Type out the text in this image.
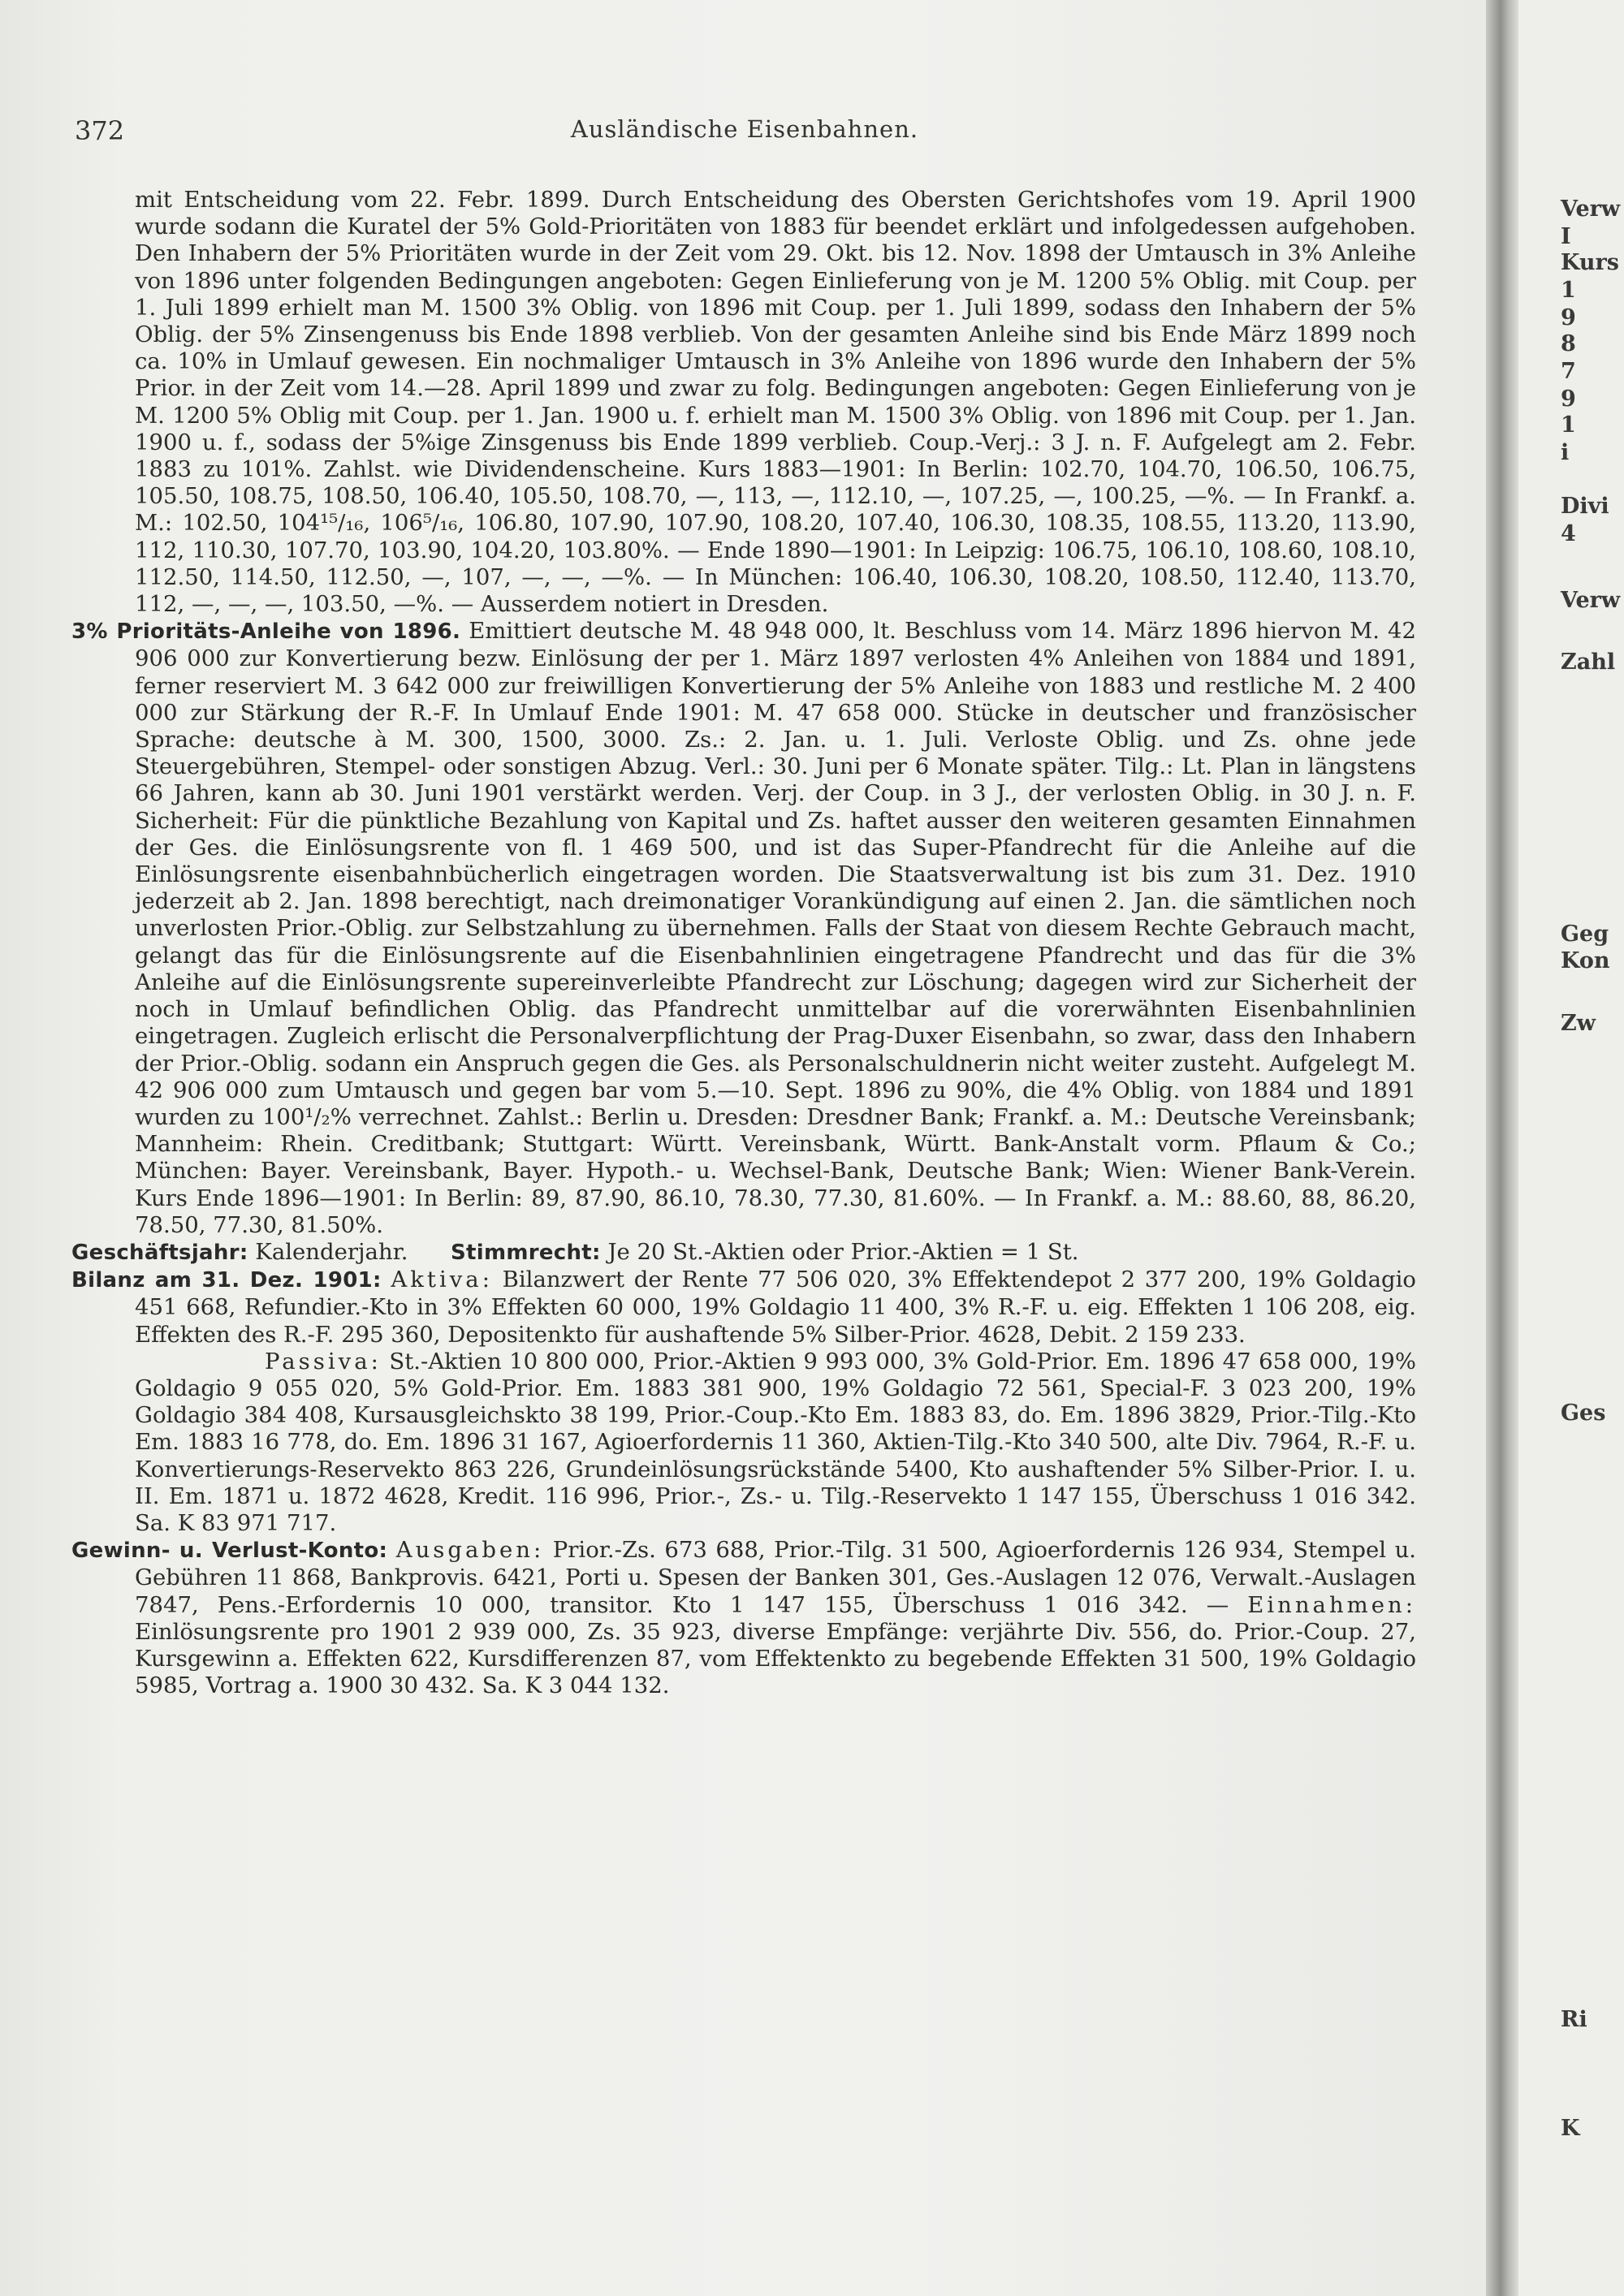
372	Ausländische Eisenbahnen.

mit Entscheidung vom 22. Febr. 1899. Durch Entscheidung des Obersten Gerichtshofes vom 19. April 1900 wurde sodann die Kuratel der 5% Gold-Prioritäten von 1883 für beendet erklärt und infolgedessen aufgehoben. Den Inhabern der 5% Prioritäten wurde in der Zeit vom 29. Okt. bis 12. Nov. 1898 der Umtausch in 3% Anleihe von 1896 unter folgenden Bedingungen angeboten: Gegen Einlieferung von je M. 1200 5% Oblig. mit Coup. per 1. Juli 1899 erhielt man M. 1500 3% Oblig. von 1896 mit Coup. per 1. Juli 1899, sodass den Inhabern der 5% Oblig. der 5% Zinsengenuss bis Ende 1898 verblieb. Von der gesamten Anleihe sind bis Ende März 1899 noch ca. 10% in Umlauf gewesen. Ein nochmaliger Umtausch in 3% Anleihe von 1896 wurde den Inhabern der 5% Prior. in der Zeit vom 14.—28. April 1899 und zwar zu folg. Bedingungen angeboten: Gegen Einlieferung von je M. 1200 5% Oblig mit Coup. per 1. Jan. 1900 u. f. erhielt man M. 1500 3% Oblig. von 1896 mit Coup. per 1. Jan. 1900 u. f., sodass der 5%ige Zinsgenuss bis Ende 1899 verblieb. Coup.-Verj.: 3 J. n. F. Aufgelegt am 2. Febr. 1883 zu 101%. Zahlst. wie Dividendenscheine. Kurs 1883—1901: In Berlin: 102.70, 104.70, 106.50, 106.75, 105.50, 108.75, 108.50, 106.40, 105.50, 108.70, —, 113, —, 112.10, —, 107.25, —, 100.25, —%. — In Frankf. a. M.: 102.50, 104¹⁵/₁₆, 106⁵/₁₆, 106.80, 107.90, 107.90, 108.20, 107.40, 106.30, 108.35, 108.55, 113.20, 113.90, 112, 110.30, 107.70, 103.90, 104.20, 103.80%. — Ende 1890—1901: In Leipzig: 106.75, 106.10, 108.60, 108.10, 112.50, 114.50, 112.50, —, 107, —, —, —%. — In München: 106.40, 106.30, 108.20, 108.50, 112.40, 113.70, 112, —, —, —, 103.50, —%. — Ausserdem notiert in Dresden.

3% Prioritäts-Anleihe von 1896. Emittiert deutsche M. 48 948 000, lt. Beschluss vom 14. März 1896 hiervon M. 42 906 000 zur Konvertierung bezw. Einlösung der per 1. März 1897 verlosten 4% Anleihen von 1884 und 1891, ferner reserviert M. 3 642 000 zur freiwilligen Konvertierung der 5% Anleihe von 1883 und restliche M. 2 400 000 zur Stärkung der R.-F. In Umlauf Ende 1901: M. 47 658 000. Stücke in deutscher und französischer Sprache: deutsche à M. 300, 1500, 3000. Zs.: 2. Jan. u. 1. Juli. Verloste Oblig. und Zs. ohne jede Steuergebühren, Stempel- oder sonstigen Abzug. Verl.: 30. Juni per 6 Monate später. Tilg.: Lt. Plan in längstens 66 Jahren, kann ab 30. Juni 1901 verstärkt werden. Verj. der Coup. in 3 J., der verlosten Oblig. in 30 J. n. F. Sicherheit: Für die pünktliche Bezahlung von Kapital und Zs. haftet ausser den weiteren gesamten Einnahmen der Ges. die Einlösungsrente von fl. 1 469 500, und ist das Super-Pfandrecht für die Anleihe auf die Einlösungsrente eisenbahnbücherlich eingetragen worden. Die Staatsverwaltung ist bis zum 31. Dez. 1910 jederzeit ab 2. Jan. 1898 berechtigt, nach dreimonatiger Vorankündigung auf einen 2. Jan. die sämtlichen noch unverlosten Prior.-Oblig. zur Selbstzahlung zu übernehmen. Falls der Staat von diesem Rechte Gebrauch macht, gelangt das für die Einlösungsrente auf die Eisenbahnlinien eingetragene Pfandrecht und das für die 3% Anleihe auf die Einlösungsrente supereinverleibte Pfandrecht zur Löschung; dagegen wird zur Sicherheit der noch in Umlauf befindlichen Oblig. das Pfandrecht unmittelbar auf die vorerwähnten Eisenbahnlinien eingetragen. Zugleich erlischt die Personalverpflichtung der Prag-Duxer Eisenbahn, so zwar, dass den Inhabern der Prior.-Oblig. sodann ein Anspruch gegen die Ges. als Personalschuldnerin nicht weiter zusteht. Aufgelegt M. 42 906 000 zum Umtausch und gegen bar vom 5.—10. Sept. 1896 zu 90%, die 4% Oblig. von 1884 und 1891 wurden zu 100¹/₂% verrechnet. Zahlst.: Berlin u. Dresden: Dresdner Bank; Frankf. a. M.: Deutsche Vereinsbank; Mannheim: Rhein. Creditbank; Stuttgart: Württ. Vereinsbank, Württ. Bank-Anstalt vorm. Pflaum & Co.; München: Bayer. Vereinsbank, Bayer. Hypoth.- u. Wechsel-Bank, Deutsche Bank; Wien: Wiener Bank-Verein. Kurs Ende 1896—1901: In Berlin: 89, 87.90, 86.10, 78.30, 77.30, 81.60%. — In Frankf. a. M.: 88.60, 88, 86.20, 78.50, 77.30, 81.50%.

Geschäftsjahr: Kalenderjahr. Stimmrecht: Je 20 St.-Aktien oder Prior.-Aktien = 1 St.

Bilanz am 31. Dez. 1901: Aktiva: Bilanzwert der Rente 77 506 020, 3% Effektendepot 2 377 200, 19% Goldagio 451 668, Refundier.-Kto in 3% Effekten 60 000, 19% Goldagio 11 400, 3% R.-F. u. eig. Effekten 1 106 208, eig. Effekten des R.-F. 295 360, Depositenkto für aushaftende 5% Silber-Prior. 4628, Debit. 2 159 233.

Passiva: St.-Aktien 10 800 000, Prior.-Aktien 9 993 000, 3% Gold-Prior. Em. 1896 47 658 000, 19% Goldagio 9 055 020, 5% Gold-Prior. Em. 1883 381 900, 19% Goldagio 72 561, Special-F. 3 023 200, 19% Goldagio 384 408, Kursausgleichskto 38 199, Prior.-Coup.-Kto Em. 1883 83, do. Em. 1896 3829, Prior.-Tilg.-Kto Em. 1883 16 778, do. Em. 1896 31 167, Agioerfordernis 11 360, Aktien-Tilg.-Kto 340 500, alte Div. 7964, R.-F. u. Konvertierungs-Reservekto 863 226, Grundeinlösungsrückstände 5400, Kto aushaftender 5% Silber-Prior. I. u. II. Em. 1871 u. 1872 4628, Kredit. 116 996, Prior.-, Zs.- u. Tilg.-Reservekto 1 147 155, Überschuss 1 016 342. Sa. K 83 971 717.

Gewinn- u. Verlust-Konto: Ausgaben: Prior.-Zs. 673 688, Prior.-Tilg. 31 500, Agioerfordernis 126 934, Stempel u. Gebühren 11 868, Bankprovis. 6421, Porti u. Spesen der Banken 301, Ges.-Auslagen 12 076, Verwalt.-Auslagen 7847, Pens.-Erfordernis 10 000, transitor. Kto 1 147 155, Überschuss 1 016 342. — Einnahmen: Einlösungsrente pro 1901 2 939 000, Zs. 35 923, diverse Empfänge: verjährte Div. 556, do. Prior.-Coup. 27, Kursgewinn a. Effekten 622, Kursdifferenzen 87, vom Effektenkto zu begebende Effekten 31 500, 19% Goldagio 5985, Vortrag a. 1900 30 432. Sa. K 3 044 132.

Verw
I
Kurs
1
9
8
7
9
1
i
Divi
4
Verw
Zahl
Geg
Kon
Zw
Ges
Ri
K
